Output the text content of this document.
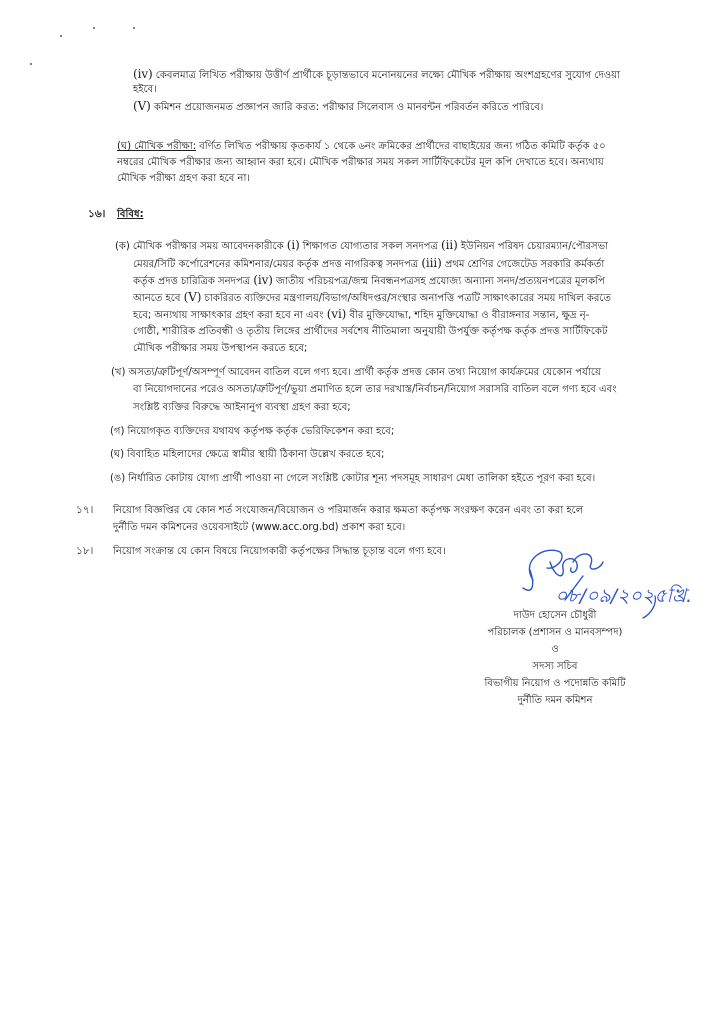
(iv) কেবলমাত্র লিখিত পরীক্ষায় উত্তীর্ণ প্রার্থীকে চূড়ান্তভাবে মনোনয়নের লক্ষ্যে মৌখিক পরীক্ষায় অংশগ্রহণের সুযোগ দেওয়া
হইবে।
(V) কমিশন প্রয়োজনমত প্রজ্ঞাপন জারি করত: পরীক্ষার সিলেবাস ও মানবন্টন পরিবর্তন করিতে পারিবে।
(ঘ) মৌখিক পরীক্ষা: বর্ণিত লিখিত পরীক্ষায় কৃতকার্য ১ থেকে ৬নং ক্রমিকের প্রার্থীদের বাছাইয়ের জন্য গঠিত কমিটি কর্তৃক ৫০
নম্বরের মৌখিক পরীক্ষার জন্য আহ্বান করা হবে। মৌখিক পরীক্ষার সময় সকল সার্টিফিকেটের মূল কপি দেখাতে হবে। অন্যথায়
মৌখিক পরীক্ষা গ্রহণ করা হবে না।
১৬। বিবিধ:
(ক) মৌখিক পরীক্ষার সময় আবেদনকারীকে (i) শিক্ষাগত যোগ্যতার সকল সনদপত্র (ii) ইউনিয়ন পরিষদ চেয়ারম্যান/পৌরসভা
মেয়র/সিটি কর্পোরেশনের কমিশনার/মেয়র কর্তৃক প্রদত্ত নাগরিকত্ব সনদপত্র (iii) প্রথম শ্রেণির গেজেটেড সরকারি কর্মকর্তা
কর্তৃক প্রদত্ত চারিত্রিক সনদপত্র (iv) জাতীয় পরিচয়পত্র/জন্ম নিবন্ধনপত্রসহ প্রযোজ্য অন্যান্য সনদ/প্রত্যয়নপত্রের মূলকপি
আনতে হবে (V) চাকরিরত ব্যক্তিদের মন্ত্রণালয়/বিভাগ/অধিদপ্তর/সংস্থার অনাপত্তি পত্রটি সাক্ষাৎকারের সময় দাখিল করতে
হবে; অন্যথায় সাক্ষাৎকার গ্রহণ করা হবে না এবং (vi) বীর মুক্তিযোদ্ধা, শহিদ মুক্তিযোদ্ধা ও বীরাঙ্গনার সন্তান, ক্ষুদ্র নৃ-
গোষ্ঠী, শারীরিক প্রতিবন্ধী ও তৃতীয় লিঙ্গের প্রার্থীদের সর্বশেষ নীতিমালা অনুযায়ী উপর্যুক্ত কর্তৃপক্ষ কর্তৃক প্রদত্ত সার্টিফিকেট
মৌখিক পরীক্ষার সময় উপস্থাপন করতে হবে;
(খ) অসত্য/ত্রুটিপূর্ণ/অসম্পূর্ণ আবেদন বাতিল বলে গণ্য হবে। প্রার্থী কর্তৃক প্রদত্ত কোন তথ্য নিয়োগ কার্যক্রমের যেকোন পর্যায়ে
বা নিয়োগদানের পরেও অসত্য/ত্রুটিপূর্ণ/ভুয়া প্রমাণিত হলে তার দরখাস্ত/নির্বাচন/নিয়োগ সরাসরি বাতিল বলে গণ্য হবে এবং
সংশ্লিষ্ট ব্যক্তির বিরুদ্ধে আইনানুগ ব্যবস্থা গ্রহণ করা হবে;
(গ) নিয়োগকৃত ব্যক্তিদের যথাযথ কর্তৃপক্ষ কর্তৃক ভেরিফিকেশন করা হবে;
(ঘ) বিবাহিত মহিলাদের ক্ষেত্রে স্বামীর স্থায়ী ঠিকানা উল্লেখ করতে হবে;
(ঙ) নির্ধারিত কোটায় যোগ্য প্রার্থী পাওয়া না গেলে সংশ্লিষ্ট কোটার শূন্য পদসমূহ সাধারণ মেধা তালিকা হইতে পূরণ করা হবে।
১৭। নিয়োগ বিজ্ঞপ্তির যে কোন শর্ত সংযোজন/বিয়োজন ও পরিমার্জন করার ক্ষমতা কর্তৃপক্ষ সংরক্ষণ করেন এবং তা করা হলে
দুর্নীতি দমন কমিশনের ওয়েবসাইটে (www.acc.org.bd) প্রকাশ করা হবে।
১৮। নিয়োগ সংক্রান্ত যে কোন বিষয়ে নিয়োগকারী কর্তৃপক্ষের সিদ্ধান্ত চূড়ান্ত বলে গণ্য হবে।
০৮/০৯/২০২৫খ্রি.
দাউদ হোসেন চৌধুরী
পরিচালক (প্রশাসন ও মানবসম্পদ)
ও
সদস্য সচিব
বিভাগীয় নিয়োগ ও পদোন্নতি কমিটি
দুর্নীতি দমন কমিশন
